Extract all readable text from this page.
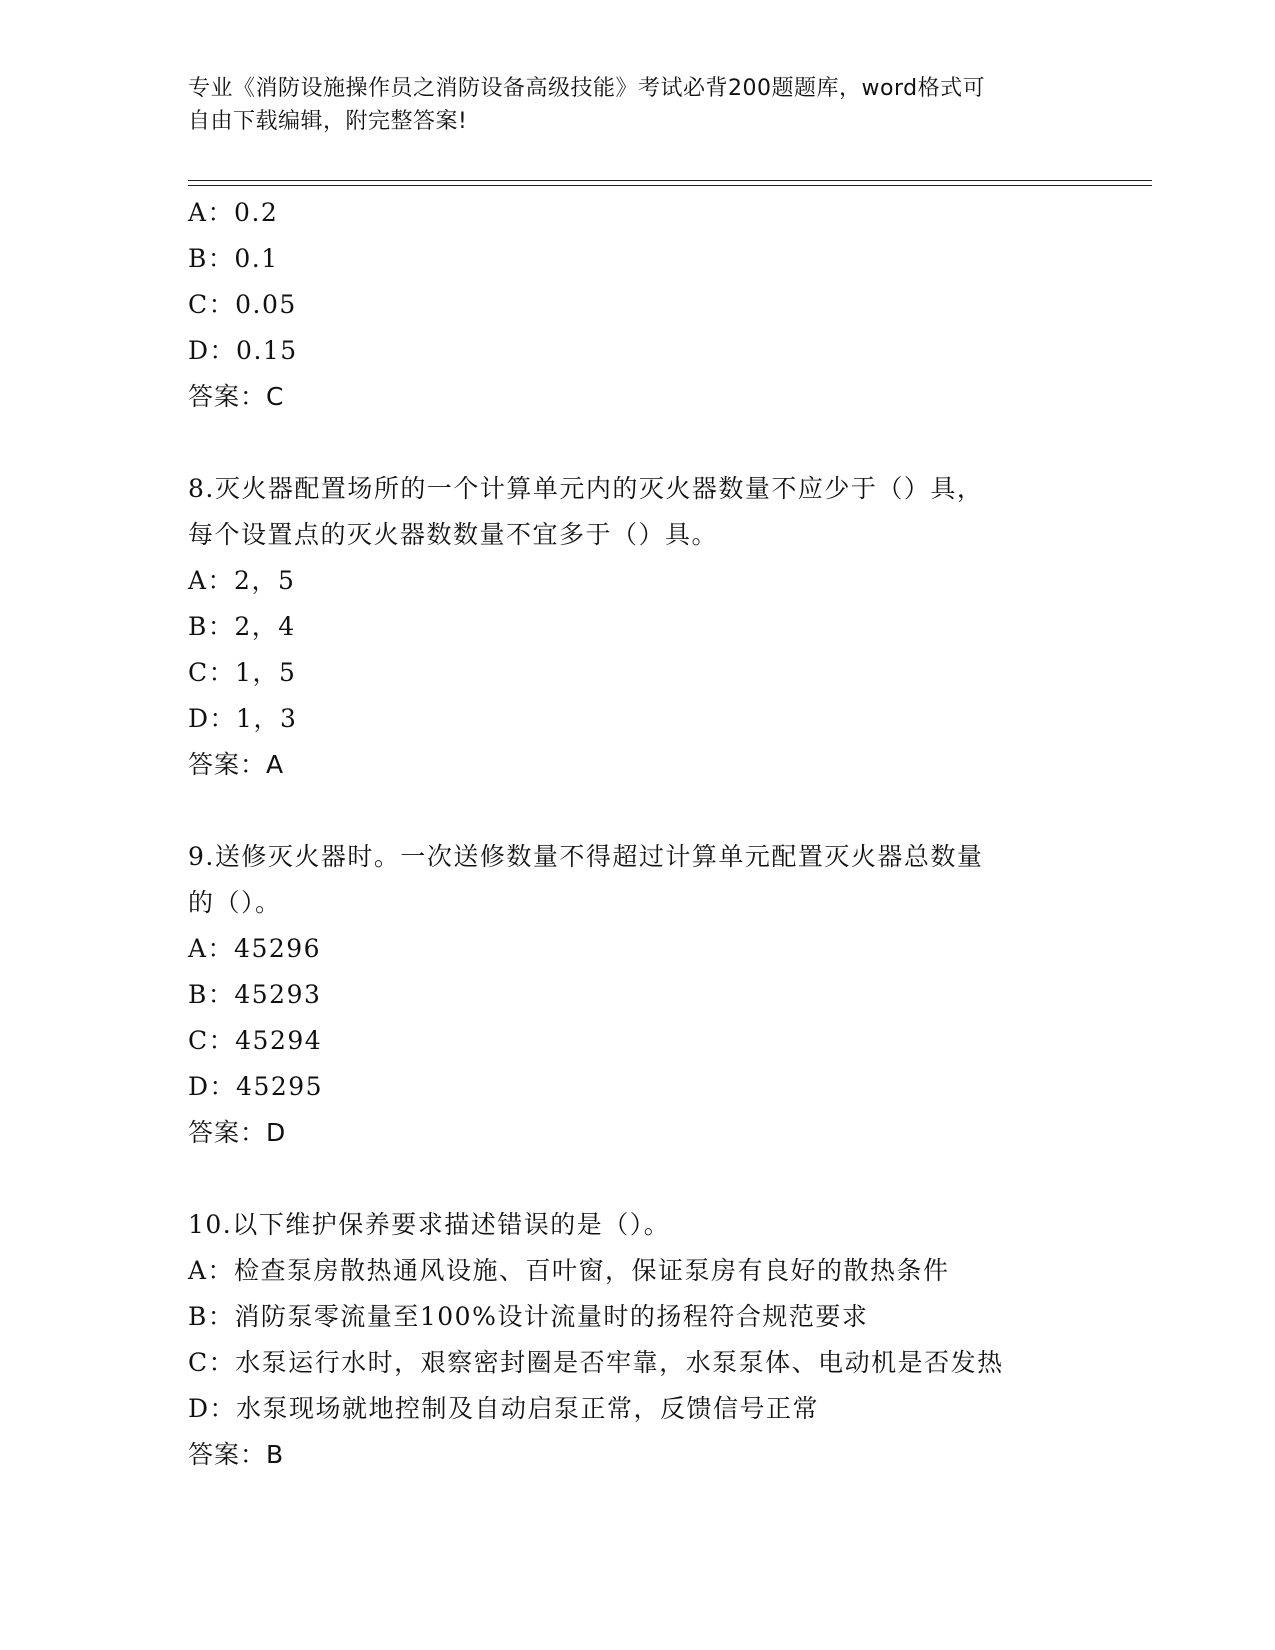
专业《消防设施操作员之消防设备高级技能》考试必背200题题库，word格式可
自由下载编辑，附完整答案!
A：0.2
B：0.1
C：0.05
D：0.15
答案：C
8.灭火器配置场所的一个计算单元内的灭火器数量不应少于（）具，
每个设置点的灭火器数数量不宜多于（）具。
A：2，5
B：2，4
C：1，5
D：1，3
答案：A
9.送修灭火器时。一次送修数量不得超过计算单元配置灭火器总数量
的（）。
A：45296
B：45293
C：45294
D：45295
答案：D
10.以下维护保养要求描述错误的是（）。
A：检查泵房散热通风设施、百叶窗，保证泵房有良好的散热条件
B：消防泵零流量至100%设计流量时的扬程符合规范要求
C：水泵运行水时，艰察密封圈是否牢靠，水泵泵体、电动机是否发热
D：水泵现场就地控制及自动启泵正常，反馈信号正常
答案：B
